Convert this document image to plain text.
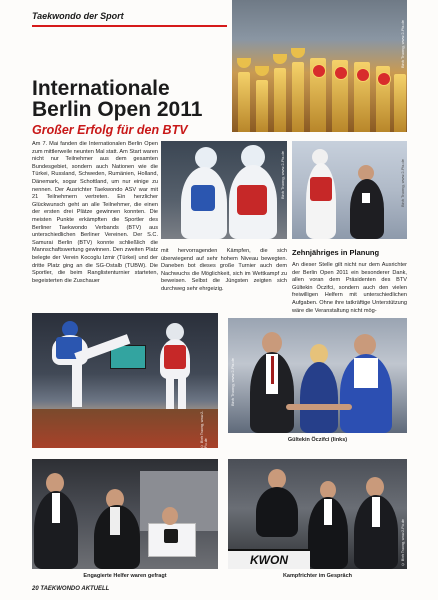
Taekwondo der Sport
Binh Truong, www.2-Pix.de
Internationale
Berlin Open 2011
Großer Erfolg für den BTV
Am 7. Mai fanden die Internationalen Berlin Open zum mittlerweile neunten Mal statt. Am Start waren nicht nur Teilnehmer aus dem gesamten Bundesgebiet, sondern auch Nationen wie die Türkei, Russland, Schweden, Rumänien, Holland, Dänemark, sogar Schottland, um nur einige zu nennen. Der Ausrichter Taekwondo ASV war mit 21 Teilnehmern vertreten. Ein herzlicher Glückwunsch geht an alle Teilnehmer, die einen der ersten drei Plätze gewinnen konnten. Die meisten Punkte erkämpften die Sportler des Berliner Taekwondo Verbands (BTV) aus unterschiedlichen Berliner Vereinen. Der S.C. Samurai Berlin (BTV) konnte schließlich die Mannschaftswertung gewinnen. Den zweiten Platz belegte der Verein Kocoglu Izmir (Türkei) und der dritte Platz ging an die SG-Ostalb (TUBW). Die Sportler, die beim Ranglistenturnier starteten, begeisterten die Zuschauer
Binh Truong, www.2-Pix.de	Binh Truong, www.2-Pix.de
mit hervorragenden Kämpfen, die sich überwiegend auf sehr hohem Niveau bewegten. Daneben bot dieses große Turnier auch dem Nachwuchs die Möglichkeit, sich im Wettkampf zu beweisen. Selbst die Jüngsten zeigten sich durchweg sehr ehrgeizig.
Zehnjähriges in Planung
An dieser Stelle gilt nicht nur dem Ausrichter der Berlin Open 2011 ein besonderer Dank, allen voran dem Präsidenten des BTV Gültekin Öczifci, sondern auch den vielen freiwilligen Helfern mit unterschiedlichen Aufgaben. Ohne ihre tatkräftige Unterstützung wäre die Veranstaltung nicht mög-
© Binh Truong, www.2-Pix.de
Binh Truong, www.2-Pix.de
Gültekin Öczifci (links)
Engagierte Helfer waren gefragt
KWON	© Binh Truong, www.2-Pix.de
Kampfrichter im Gespräch
20 TAEKWONDO AKTUELL
